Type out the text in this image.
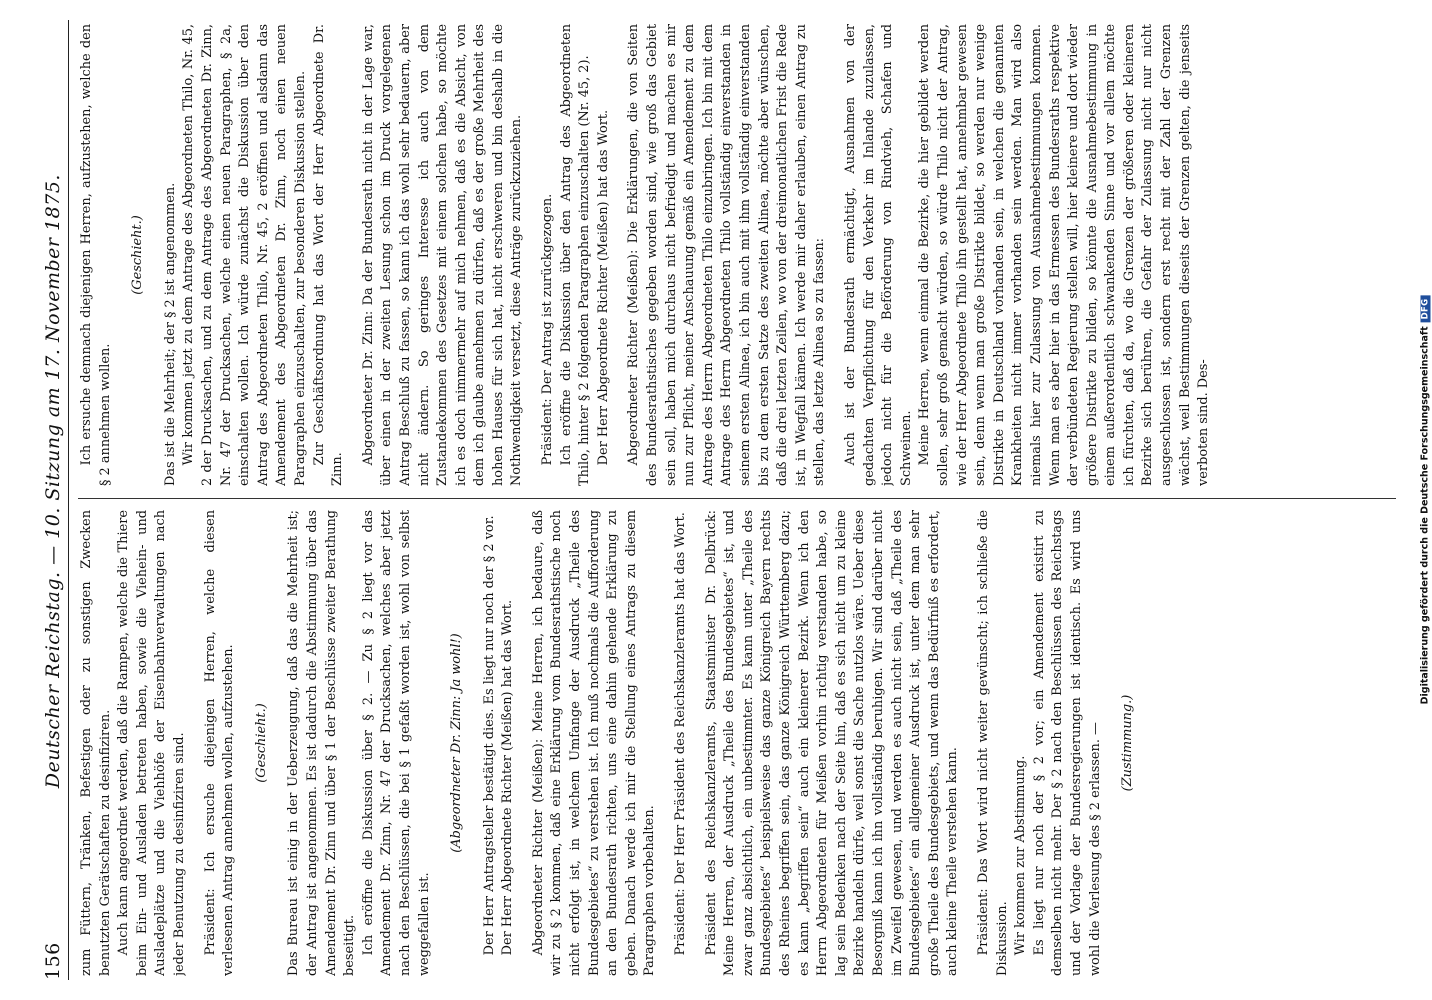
156
Deutscher Reichstag. — 10. Sitzung am 17. November 1875. zum Füttern, Tränken, Befestigen oder zu sonstigen Zwecken benutzten Gerätschaften zu desinfiziren. Auch kann angeordnet werden, daß die Rampen, welche die Thiere beim Ein- und Ausladen betreten haben, sowie die Viehein- und Ausladeplätze und die Viehhöfe der Eisenbahnverwaltungen nach jeder Benutzung zu desinfiziren sind. Präsident: Ich ersuche diejenigen Herren, welche diesen verlesenen Antrag annehmen wollen, aufzustehen. (Geschieht.) Das Bureau ist einig in der Ueberzeugung, daß das die Mehrheit ist; der Antrag ist angenommen. Es ist dadurch die Abstimmung über das Amendement Dr. Zinn und über § 1 der Beschlüsse zweiter Berathung beseitigt. Ich eröffne die Diskussion über § 2. — Zu § 2 liegt vor das Amendement Dr. Zinn, Nr. 47 der Drucksachen, welches aber jetzt nach den Beschlüssen, die bei § 1 gefaßt worden ist, wohl von selbst weggefallen ist.

(Abgeordneter Dr. Zinn: Ja wohl!) Der Herr Antragsteller bestätigt dies. Es liegt nur noch der § 2 vor. Der Herr Abgeordnete Richter (Meißen) hat das Wort. Abgeordneter Richter (Meißen): Meine Herren, ich bedaure, daß wir zu § 2 kommen, daß eine Erklärung vom Bundesrathstische noch nicht erfolgt ist, in welchem Umfange der Ausdruck „Theile des Bundesgebietes“ zu verstehen ist. Ich muß nochmals die Aufforderung an den Bundesrath richten, uns eine dahin gehende Erklärung zu geben. Danach werde ich mir die Stellung eines Antrags zu diesem Paragraphen vorbehalten. Präsident: Der Herr Präsident des Reichskanzleramts hat das Wort. Präsident des Reichskanzleramts, Staatsminister Dr. Delbrück: Meine Herren, der Ausdruck „Theile des Bundesgebietes“ ist, und zwar ganz absichtlich, ein unbestimmter. Es kann unter „Theile des Bundesgebietes“ beispielsweise das ganze Königreich Bayern rechts des Rheines begriffen sein, das ganze Königreich Württemberg dazu; es kann „begriffen sein“ auch ein kleinerer Bezirk. Wenn ich den Herrn Abgeordneten für Meißen vorhin richtig verstanden habe, so lag sein Bedenken nach der Seite hin, daß es sich nicht um zu kleine Bezirke handeln dürfe, weil sonst die Sache nutzlos wäre. Ueber diese Besorgniß kann ich ihn vollständig beruhigen. Wir sind darüber nicht im Zweifel gewesen, und werden es auch nicht sein, daß „Theile des Bundesgebietes“ ein allgemeiner Ausdruck ist, unter dem man sehr große Theile des Bundesgebiets, und wenn das Bedürfniß es erfordert, auch kleine Theile verstehen kann. Präsident: Das Wort wird nicht weiter gewünscht; ich schließe die Diskussion. Wir kommen zur Abstimmung. Es liegt nur noch der § 2 vor; ein Amendement existirt zu demselben nicht mehr. Der § 2 nach den Beschlüssen des Reichstags und der Vorlage der Bundesregierungen ist identisch. Es wird uns wohl die Verlesung des § 2 erlassen. — (Zustimmung.)

Ich ersuche demnach diejenigen Herren, aufzustehen, welche den § 2 annehmen wollen.

(Geschieht.) Das ist die Mehrheit; der § 2 ist angenommen. Wir kommen jetzt zu dem Antrage des Abgeordneten Thilo, Nr. 45, 2 der Drucksachen, und zu dem Antrage des Abgeordneten Dr. Zinn, Nr. 47 der Drucksachen, welche einen neuen Paragraphen, § 2a, einschalten wollen. Ich würde zunächst die Diskussion über den Antrag des Abgeordneten Thilo, Nr. 45, 2 eröffnen und alsdann das Amendement des Abgeordneten Dr. Zinn, noch einen neuen Paragraphen einzuschalten, zur besonderen Diskussion stellen. Zur Geschäftsordnung hat das Wort der Herr Abgeordnete Dr. Zinn.

Abgeordneter Dr. Zinn: Da der Bundesrath nicht in der Lage war, über einen in der zweiten Lesung schon im Druck vorgelegenen Antrag Beschluß zu fassen, so kann ich das wohl sehr bedauern, aber nicht ändern. So geringes Interesse ich auch von dem Zustandekommen des Gesetzes mit einem solchen habe, so möchte ich es doch nimmermehr auf mich nehmen, daß es die Absicht, von dem ich glaube annehmen zu dürfen, daß es der große Mehrheit des hohen Hauses für sich hat, nicht erschweren und bin deshalb in die Nothwendigkeit versetzt, diese Anträge zurückzuziehen. Präsident: Der Antrag ist zurückgezogen. Ich eröffne die Diskussion über den Antrag des Abgeordneten Thilo, hinter § 2 folgenden Paragraphen einzuschalten (Nr. 45, 2). Der Herr Abgeordnete Richter (Meißen) hat das Wort. Abgeordneter Richter (Meißen): Die Erklärungen, die von Seiten des Bundesrathstisches gegeben worden sind, wie groß das Gebiet sein soll, haben mich durchaus nicht befriedigt und machen es mir nun zur Pflicht, meiner Anschauung gemäß ein Amendement zu dem Antrage des Herrn Abgeordneten Thilo einzubringen. Ich bin mit dem Antrage des Herrn Abgeordneten Thilo vollständig einverstanden in seinem ersten Alinea, ich bin auch mit ihm vollständig einverstanden bis zu dem ersten Satze des zweiten Alinea, möchte aber wünschen, daß die drei letzten Zeilen, wo von der dreimonatlichen Frist die Rede ist, in Wegfall kämen. Ich werde mir daher erlauben, einen Antrag zu stellen, das letzte Alinea so zu fassen: Auch ist der Bundesrath ermächtigt, Ausnahmen von der gedachten Verpflichtung für den Verkehr im Inlande zuzulassen, jedoch nicht für die Beförderung von Rindvieh, Schafen und Schweinen. Meine Herren, wenn einmal die Bezirke, die hier gebildet werden sollen, sehr groß gemacht würden, so würde Thilo nicht der Antrag, wie der Herr Abgeordnete Thilo ihn gestellt hat, annehmbar gewesen sein, denn wenn man große Distrikte bildet, so werden nur wenige Distrikte in Deutschland vorhanden sein, in welchen die genannten Krankheiten nicht immer vorhanden sein werden. Man wird also niemals hier zur Zulassung von Ausnahmebestimmungen kommen. Wenn man es aber hier in das Ermessen des Bundesraths respektive der verbündeten Regierung stellen will, hier kleinere und dort wieder größere Distrikte zu bilden, so könnte die Ausnahmebestimmung in einem außerordentlich schwankenden Sinne und vor allem möchte ich fürchten, daß da, wo die Grenzen der größeren oder kleineren Bezirke sich berühren, die Gefahr der Zulassung nicht nur nicht ausgeschlossen ist, sondern erst recht mit der Zahl der Grenzen wächst, weil Bestimmungen dieseits der Grenzen gelten, die jenseits verboten sind. Des-	Digitalisierung gefördert durch die Deutsche Forschungsgemeinschaft
DFG
